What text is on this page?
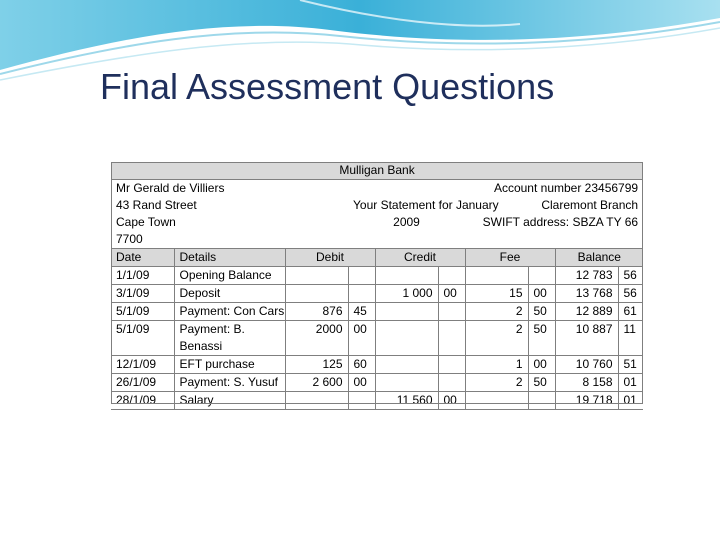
Final Assessment Questions
Mulligan Bank									
Mr Gerald de Villiers						Account number 23456799			
43 Rand Street			Your Statement for January			Claremont Branch			
Cape Town			2009			SWIFT address: SBZA TY 66			
7700									
Date	Details	Debit		Credit		Fee		Balance	
1/1/09	Opening Balance							12 783	56
3/1/09	Deposit			1 000	00	15	00	13 768	56
5/1/09	Payment: Con Cars	876	45			2	50	12 889	61
5/1/09	Payment: B.
Benassi	2000	00			2	50	10 887	11
12/1/09	EFT purchase	125	60			1	00	10 760	51
26/1/09	Payment: S. Yusuf	2 600	00			2	50	8 158	01
28/1/09	Salary			11 560	00			19 718	01
